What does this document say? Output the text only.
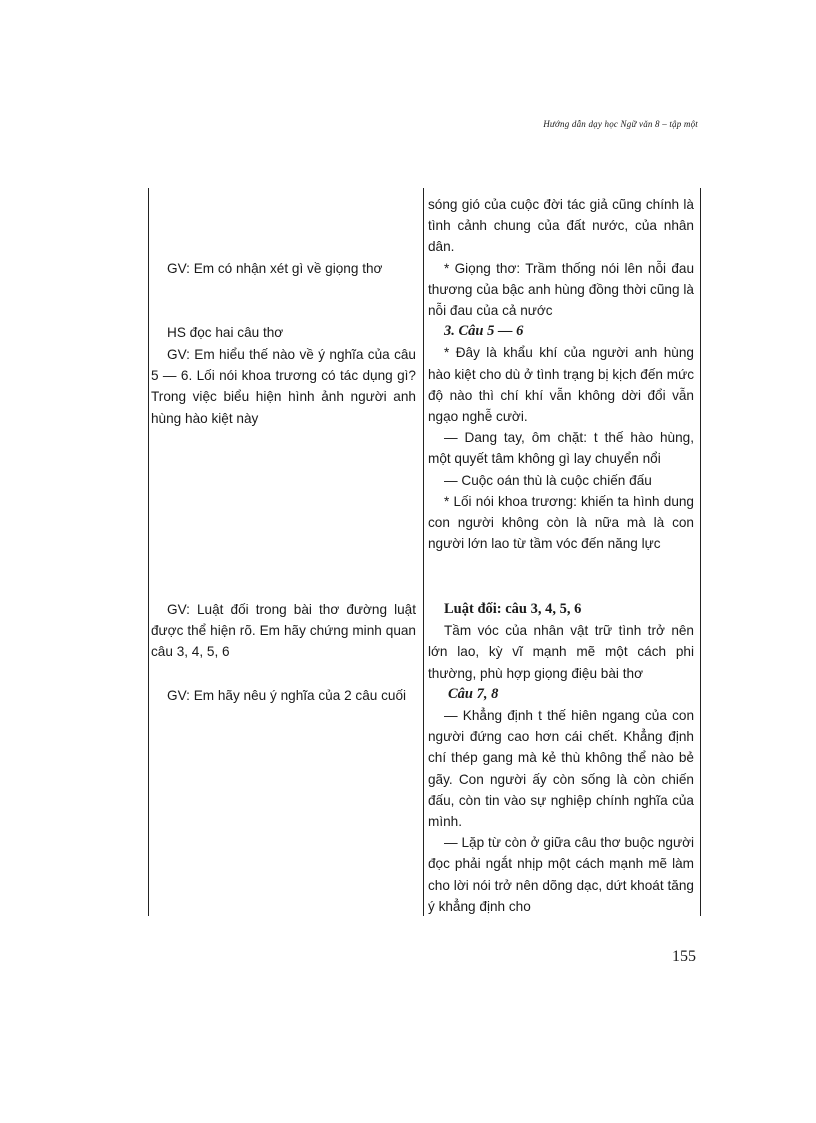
Hướng dẫn dạy học Ngữ văn 8 – tập một

GV: Em có nhận xét gì về giọng thơ

HS đọc hai câu thơ

GV: Em hiểu thế nào về ý nghĩa của câu 5 — 6. Lối nói khoa trương có tác dụng gì? Trong việc biểu hiện hình ảnh người anh hùng hào kiệt này

GV: Luật đối trong bài thơ đường luật được thể hiện rõ. Em hãy chứng minh quan câu 3, 4, 5, 6

GV: Em hãy nêu ý nghĩa của 2 câu cuối

sóng gió của cuộc đời tác giả cũng chính là tình cảnh chung của đất nước, của nhân dân.

* Giọng thơ: Trầm thống nói lên nỗi đau thương của bậc anh hùng đồng thời cũng là nỗi đau của cả nước

3. Câu 5 — 6

* Đây là khẩu khí của người anh hùng hào kiệt cho dù ở tình trạng bị kịch đến mức độ nào thì chí khí vẫn không dời đổi vẫn ngạo nghễ cười.

— Dang tay, ôm chặt: t thế hào hùng, một quyết tâm không gì lay chuyển nổi

— Cuộc oán thù là cuộc chiến đấu

* Lối nói khoa trương: khiến ta hình dung con người không còn là nữa mà là con người lớn lao từ tầm vóc đến năng lực

Luật đối: câu 3, 4, 5, 6

Tầm vóc của nhân vật trữ tình trở nên lớn lao, kỳ vĩ mạnh mẽ một cách phi thường, phù hợp giọng điệu bài thơ

Câu 7, 8

— Khẳng định t thế hiên ngang của con người đứng cao hơn cái chết. Khẳng định chí thép gang mà kẻ thù không thể nào bẻ gãy. Con người ấy còn sống là còn chiến đấu, còn tin vào sự nghiệp chính nghĩa của mình.

— Lặp từ còn ở giữa câu thơ buộc người đọc phải ngắt nhịp một cách mạnh mẽ làm cho lời nói trở nên dõng dạc, dứt khoát tăng ý khẳng định cho

155
